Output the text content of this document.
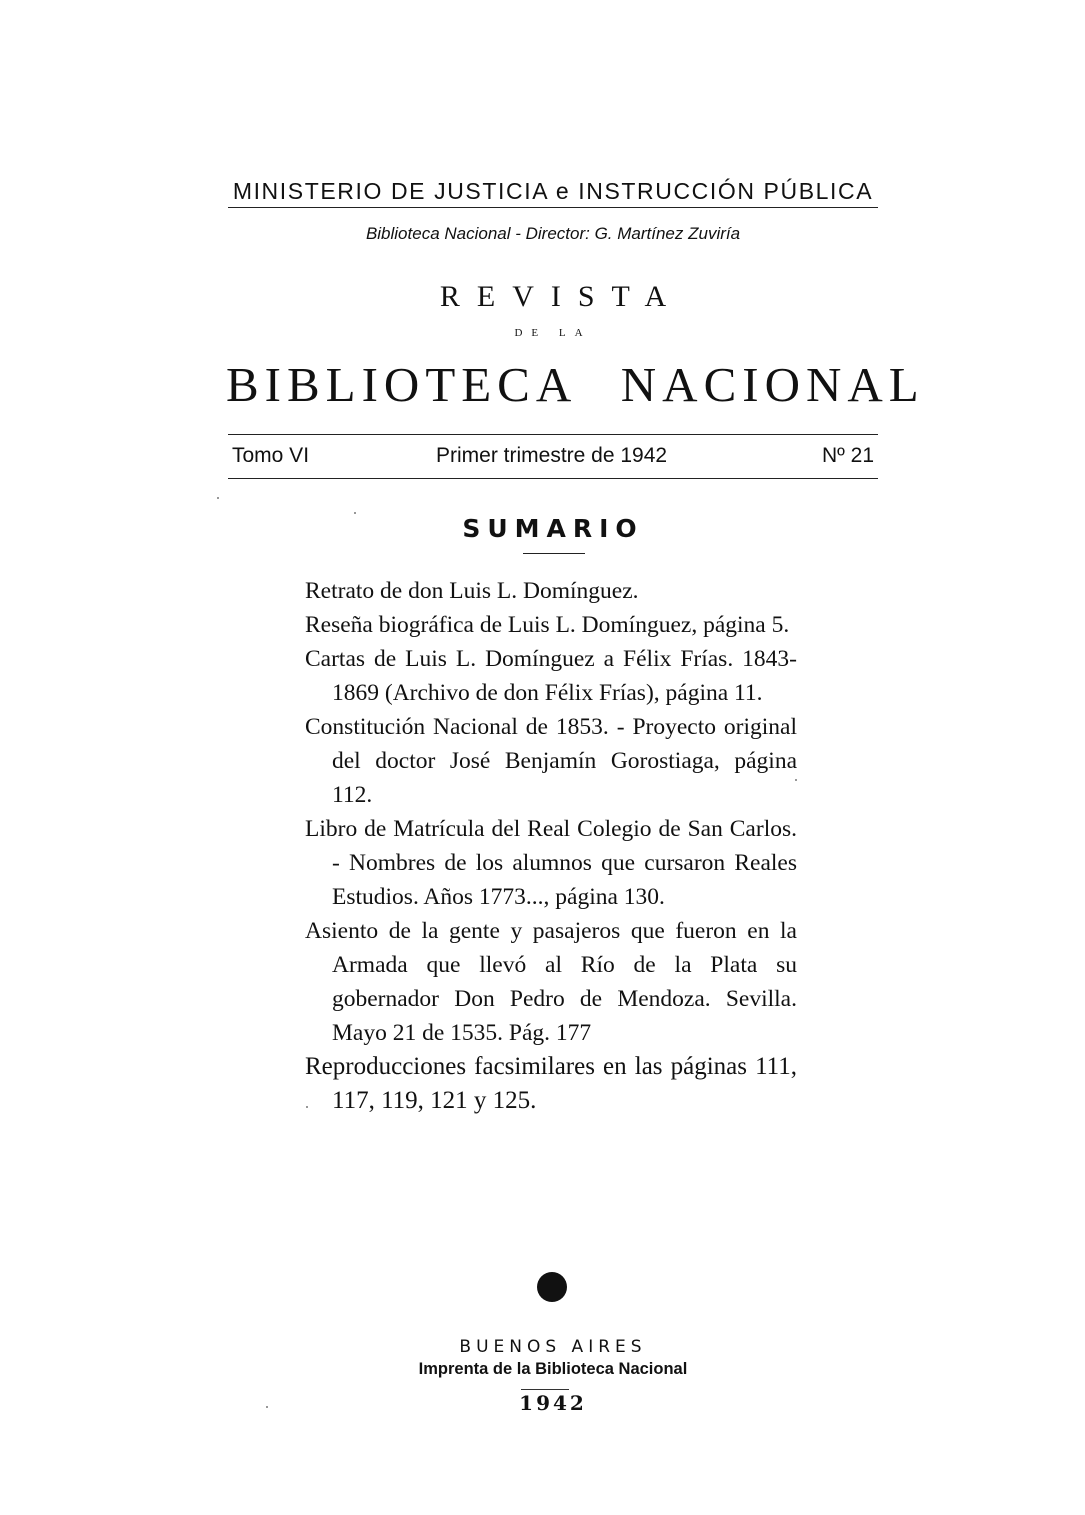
MINISTERIO DE JUSTICIA e INSTRUCCIÓN PÚBLICA
Biblioteca Nacional - Director: G. Martínez Zuviría
REVISTA
DE LA
BIBLIOTECA NACIONAL
Tomo VI	Primer trimestre de 1942	Nº 21
SUMARIO
Retrato de don Luis L. Domínguez.
Reseña biográfica de Luis L. Domínguez, página 5.
Cartas de Luis L. Domínguez a Félix Frías. 1843-1869 (Archivo de don Félix Frías), página 11.
Constitución Nacional de 1853. - Proyecto original del doctor José Benjamín Gorostiaga, página 112.
Libro de Matrícula del Real Colegio de San Carlos. - Nombres de los alumnos que cursaron Reales Estudios. Años 1773..., página 130.
Asiento de la gente y pasajeros que fueron en la Armada que llevó al Río de la Plata su gobernador Don Pedro de Mendoza. Sevilla. Mayo 21 de 1535. Pág. 177
Reproducciones facsimilares en las páginas 111, 117, 119, 121 y 125.
BUENOS AIRES
Imprenta de la Biblioteca Nacional
1942
